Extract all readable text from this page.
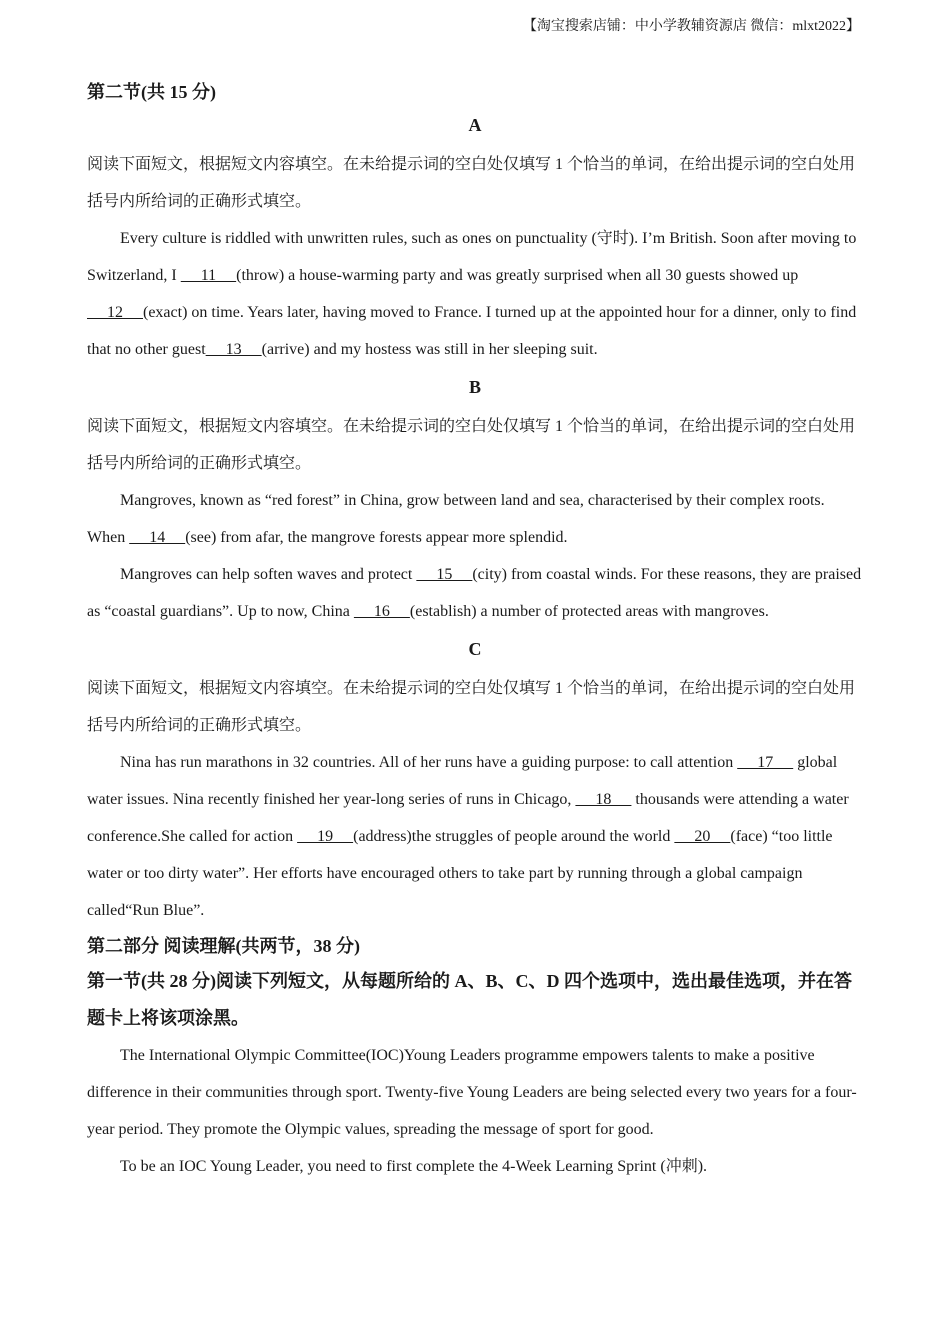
【淘宝搜索店铺：中小学教辅资源店 微信：mlxt2022】
第二节(共 15 分)
A

阅读下面短文，根据短文内容填空。在未给提示词的空白处仅填写 1 个恰当的单词，在给出提示词的空白处用括号内所给词的正确形式填空。

Every culture is riddled with unwritten rules, such as ones on punctuality (守时). I’m British. Soon after moving to Switzerland, I      11     (throw) a house-warming party and was greatly surprised when all 30 guests showed up      12     (exact) on time. Years later, having moved to France. I turned up at the appointed hour for a dinner, only to find that no other guest     13     (arrive) and my hostess was still in her sleeping suit.

B

阅读下面短文，根据短文内容填空。在未给提示词的空白处仅填写 1 个恰当的单词，在给出提示词的空白处用括号内所给词的正确形式填空。

Mangroves, known as “red forest” in China, grow between land and sea, characterised by their complex roots. When      14     (see) from afar, the mangrove forests appear more splendid.

Mangroves can help soften waves and protect      15     (city) from coastal winds. For these reasons, they are praised as “coastal guardians”. Up to now, China      16     (establish) a number of protected areas with mangroves.

C

阅读下面短文，根据短文内容填空。在未给提示词的空白处仅填写 1 个恰当的单词，在给出提示词的空白处用括号内所给词的正确形式填空。

Nina has run marathons in 32 countries. All of her runs have a guiding purpose: to call attention      17      global water issues. Nina recently finished her year-long series of runs in Chicago,      18      thousands were attending a water conference.She called for action      19     (address)the struggles of people around the world      20     (face) “too little water or too dirty water”. Her efforts have encouraged others to take part by running through a global campaign called“Run Blue”.

第二部分 阅读理解(共两节，38 分)
第一节(共 28 分)阅读下列短文，从每题所给的 A、B、C、D 四个选项中，选出最佳选项，并在答题卡上将该项涂黑。

The International Olympic Committee(IOC)Young Leaders programme empowers talents to make a positive difference in their communities through sport. Twenty-five Young Leaders are being selected every two years for a four-year period. They promote the Olympic values, spreading the message of sport for good.

To be an IOC Young Leader, you need to first complete the 4-Week Learning Sprint (冲刺).
